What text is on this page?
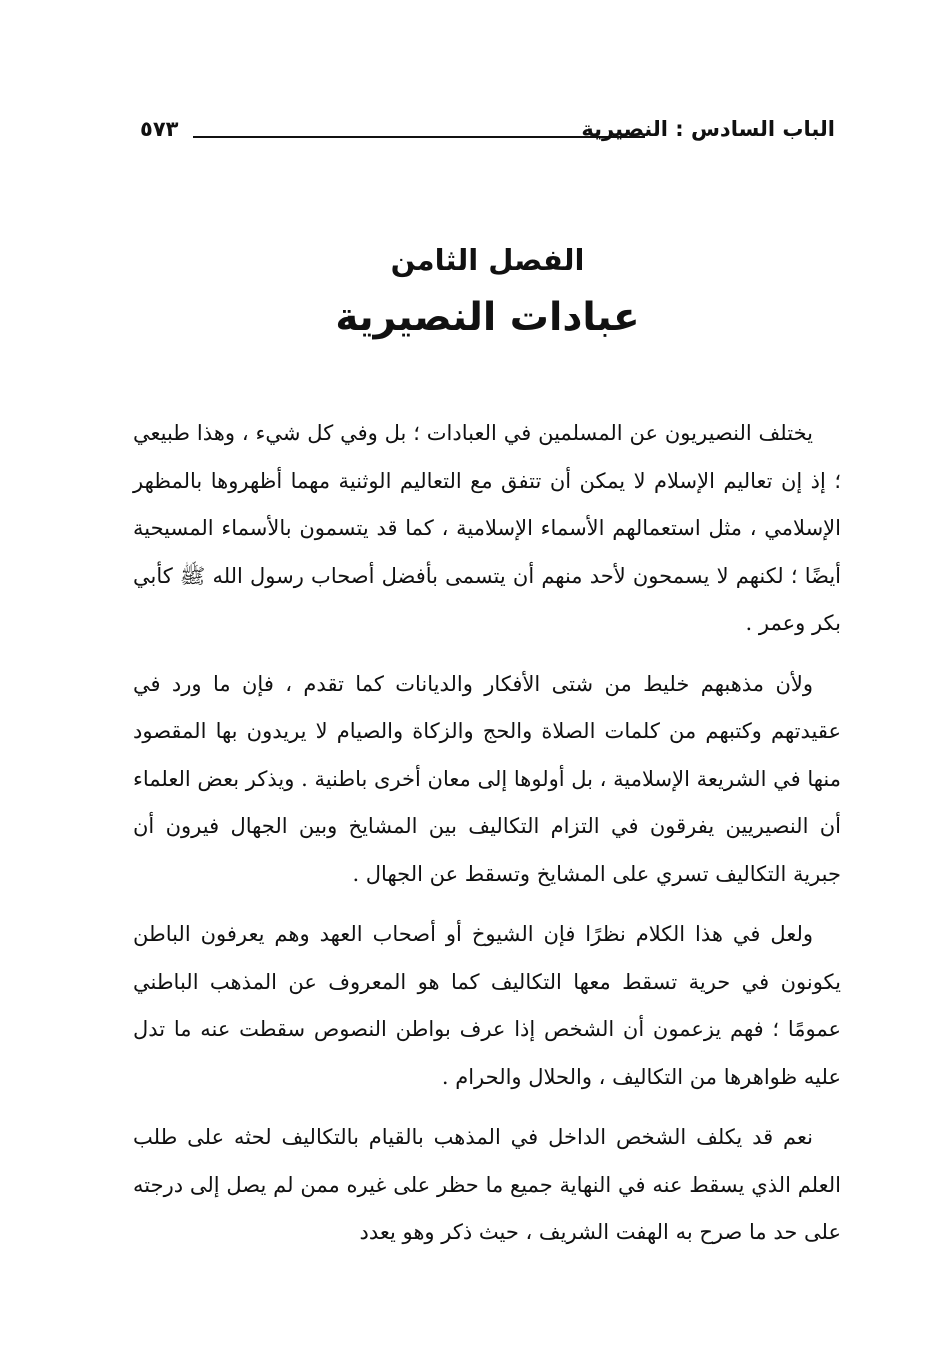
الباب السادس : النصيرية
٥٧٣
الفصل الثامن
عبادات النصيرية

يختلف النصيريون عن المسلمين في العبادات ؛ بل وفي كل شيء ، وهذا طبيعي ؛ إذ إن تعاليم الإسلام لا يمكن أن تتفق مع التعاليم الوثنية مهما أظهروها بالمظهر الإسلامي ، مثل استعمالهم الأسماء الإسلامية ، كما قد يتسمون بالأسماء المسيحية أيضًا ؛ لكنهم لا يسمحون لأحد منهم أن يتسمى بأفضل أصحاب رسول الله ﷺ كأبي بكر وعمر .

ولأن مذهبهم خليط من شتى الأفكار والديانات كما تقدم ، فإن ما ورد في عقيدتهم وكتبهم من كلمات الصلاة والحج والزكاة والصيام لا يريدون بها المقصود منها في الشريعة الإسلامية ، بل أولوها إلى معان أخرى باطنية . ويذكر بعض العلماء أن النصيريين يفرقون في التزام التكاليف بين المشايخ وبين الجهال فيرون أن جبرية التكاليف تسري على المشايخ وتسقط عن الجهال .

ولعل في هذا الكلام نظرًا فإن الشيوخ أو أصحاب العهد وهم يعرفون الباطن يكونون في حرية تسقط معها التكاليف كما هو المعروف عن المذهب الباطني عمومًا ؛ فهم يزعمون أن الشخص إذا عرف بواطن النصوص سقطت عنه ما تدل عليه ظواهرها من التكاليف ، والحلال والحرام .

نعم قد يكلف الشخص الداخل في المذهب بالقيام بالتكاليف لحثه على طلب العلم الذي يسقط عنه في النهاية جميع ما حظر على غيره ممن لم يصل إلى درجته على حد ما صرح به الهفت الشريف ، حيث ذكر وهو يعدد
